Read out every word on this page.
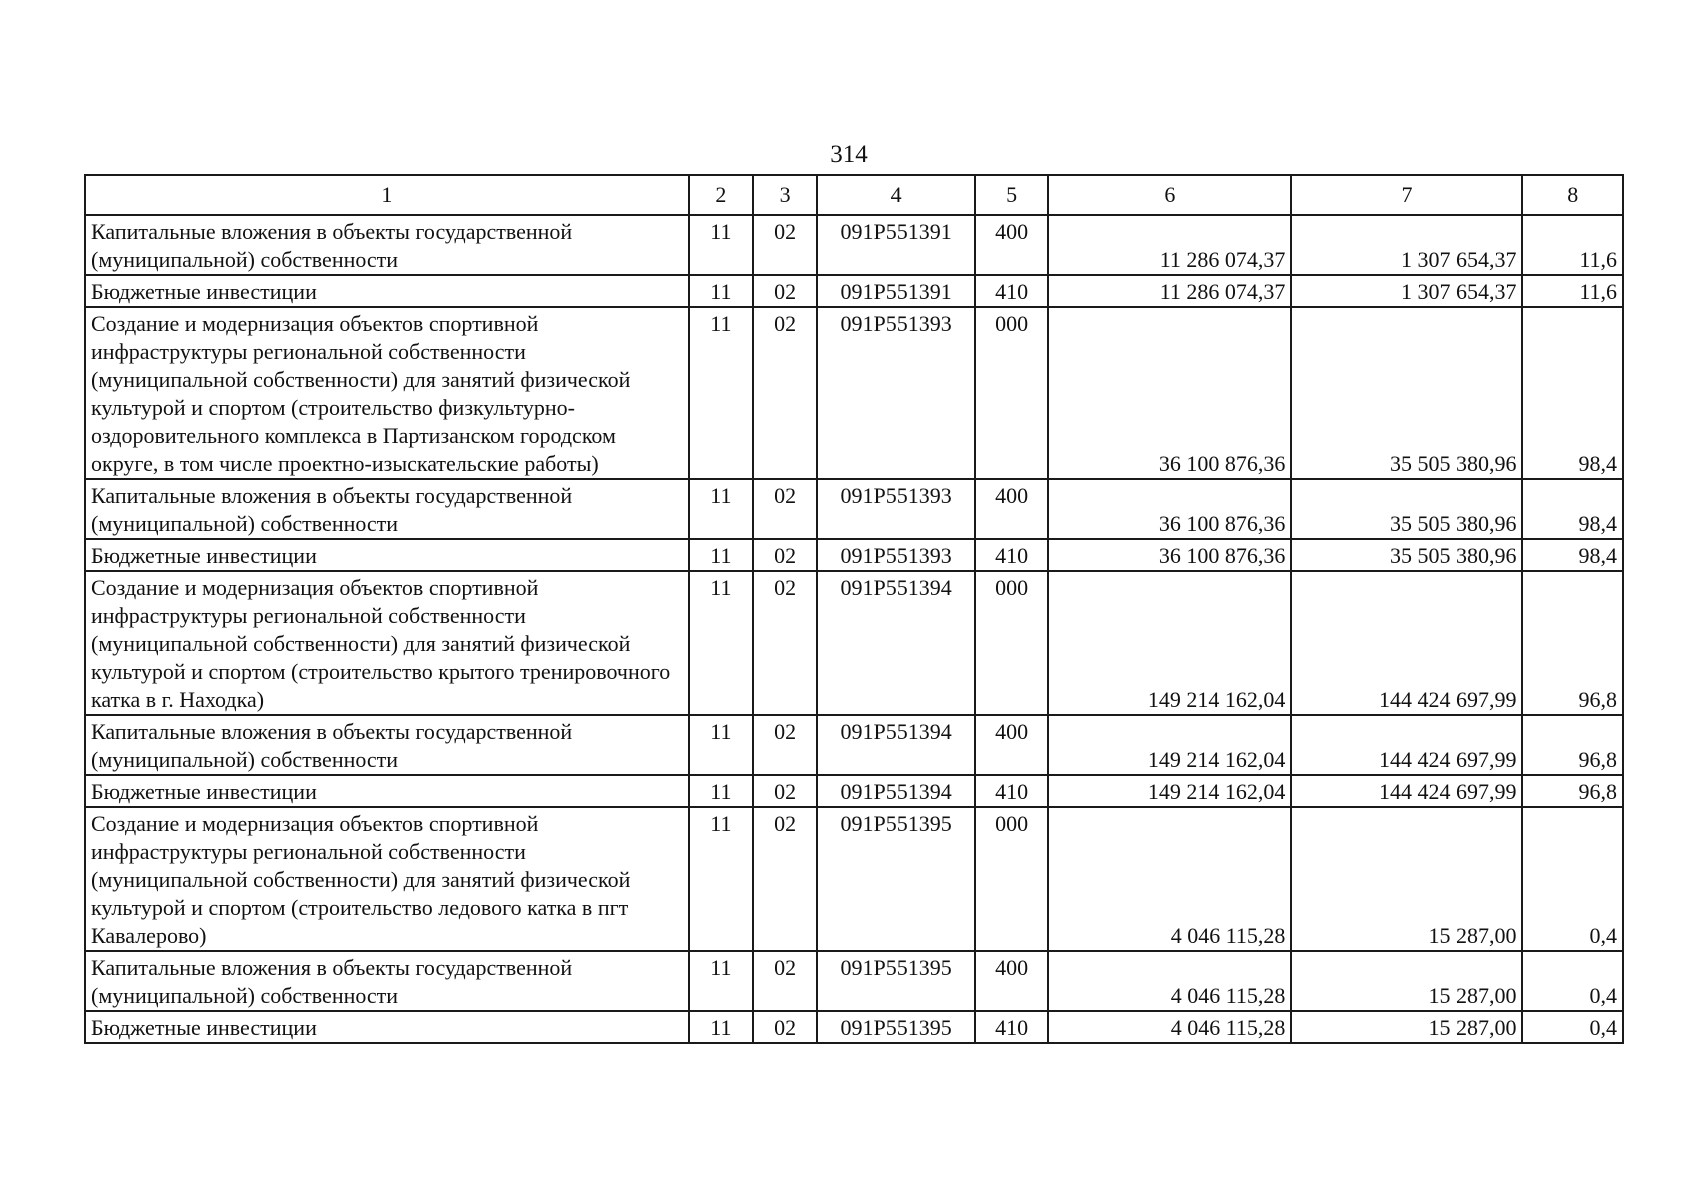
314
1	2	3	4	5	6	7	8
Капитальные вложения в объекты государственной (муниципальной) собственности	11	02	091P551391	400	11 286 074,37	1 307 654,37	11,6
Бюджетные инвестиции	11	02	091P551391	410	11 286 074,37	1 307 654,37	11,6
Создание и модернизация объектов спортивной инфраструктуры региональной собственности (муниципальной собственности) для занятий физической культурой и спортом (строительство физкультурно-оздоровительного комплекса в Партизанском городском округе, в том числе проектно-изыскательские работы)	11	02	091P551393	000	36 100 876,36	35 505 380,96	98,4
Капитальные вложения в объекты государственной (муниципальной) собственности	11	02	091P551393	400	36 100 876,36	35 505 380,96	98,4
Бюджетные инвестиции	11	02	091P551393	410	36 100 876,36	35 505 380,96	98,4
Создание и модернизация объектов спортивной инфраструктуры региональной собственности (муниципальной собственности) для занятий физической культурой и спортом (строительство крытого тренировочного катка в г. Находка)	11	02	091P551394	000	149 214 162,04	144 424 697,99	96,8
Капитальные вложения в объекты государственной (муниципальной) собственности	11	02	091P551394	400	149 214 162,04	144 424 697,99	96,8
Бюджетные инвестиции	11	02	091P551394	410	149 214 162,04	144 424 697,99	96,8
Создание и модернизация объектов спортивной инфраструктуры региональной собственности (муниципальной собственности) для занятий физической культурой и спортом (строительство ледового катка в пгт Кавалерово)	11	02	091P551395	000	4 046 115,28	15 287,00	0,4
Капитальные вложения в объекты государственной (муниципальной) собственности	11	02	091P551395	400	4 046 115,28	15 287,00	0,4
Бюджетные инвестиции	11	02	091P551395	410	4 046 115,28	15 287,00	0,4
